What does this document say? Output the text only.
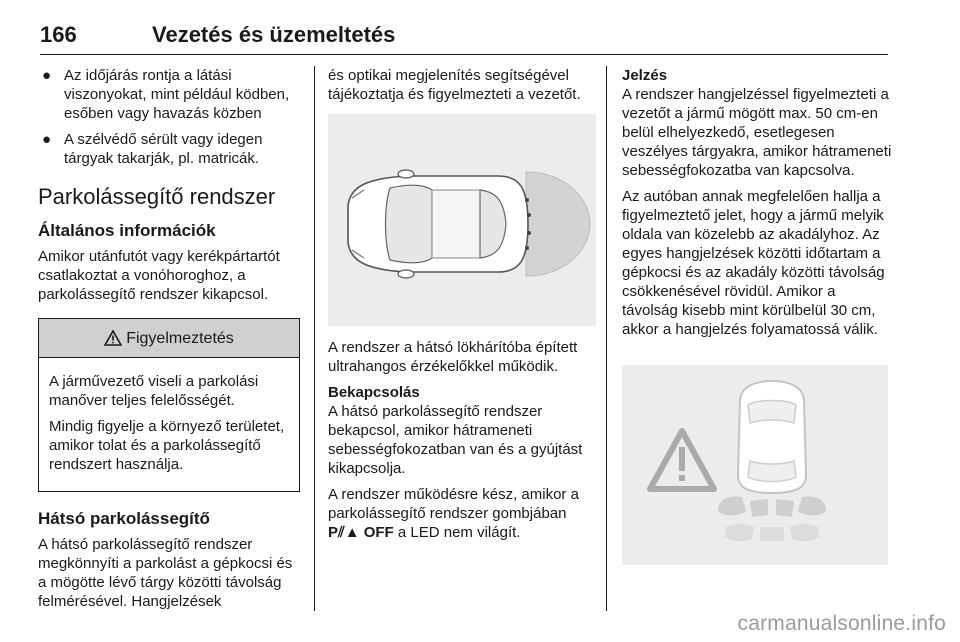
166	Vezetés és üzemeltetés
● Az időjárás rontja a látási viszonyokat, mint például ködben, esőben vagy havazás közben
● A szélvédő sérült vagy idegen tárgyak takarják, pl. matricák.
Parkolássegítő rendszer
Általános információk

Amikor utánfutót vagy kerékpártartót csatlakoztat a vonóhoroghoz, a parkolássegítő rendszer kikapcsol.

Figyelmeztetés

A járművezető viseli a parkolási manőver teljes felelősségét.

Mindig figyelje a környező területet, amikor tolat és a parkolássegítő rendszert használja.

Hátsó parkolássegítő

A hátsó parkolássegítő rendszer megkönnyíti a parkolást a gépkocsi és a mögötte lévő tárgy közötti távolság felmérésével. Hangjelzések

és optikai megjelenítés segítségével tájékoztatja és figyelmezteti a vezetőt.

A rendszer a hátsó lökhárítóba épített ultrahangos érzékelőkkel működik.

Bekapcsolás

A hátsó parkolássegítő rendszer bekapcsol, amikor hátrameneti sebességfokozatban van és a gyújtást kikapcsolja.

A rendszer működésre kész, amikor a parkolássegítő rendszer gombjában P⫽▲ OFF a LED nem világít.

Jelzés

A rendszer hangjelzéssel figyelmezteti a vezetőt a jármű mögött max. 50 cm-en belül elhelyezkedő, esetlegesen veszélyes tárgyakra, amikor hátrameneti sebességfokozatba van kapcsolva.

Az autóban annak megfelelően hallja a figyelmeztető jelet, hogy a jármű melyik oldala van közelebb az akadályhoz. Az egyes hangjelzések közötti időtartam a gépkocsi és az akadály közötti távolság csökkenésével rövidül. Amikor a távolság kisebb mint körülbelül 30 cm, akkor a hangjelzés folyamatossá válik.

carmanualsonline.info
